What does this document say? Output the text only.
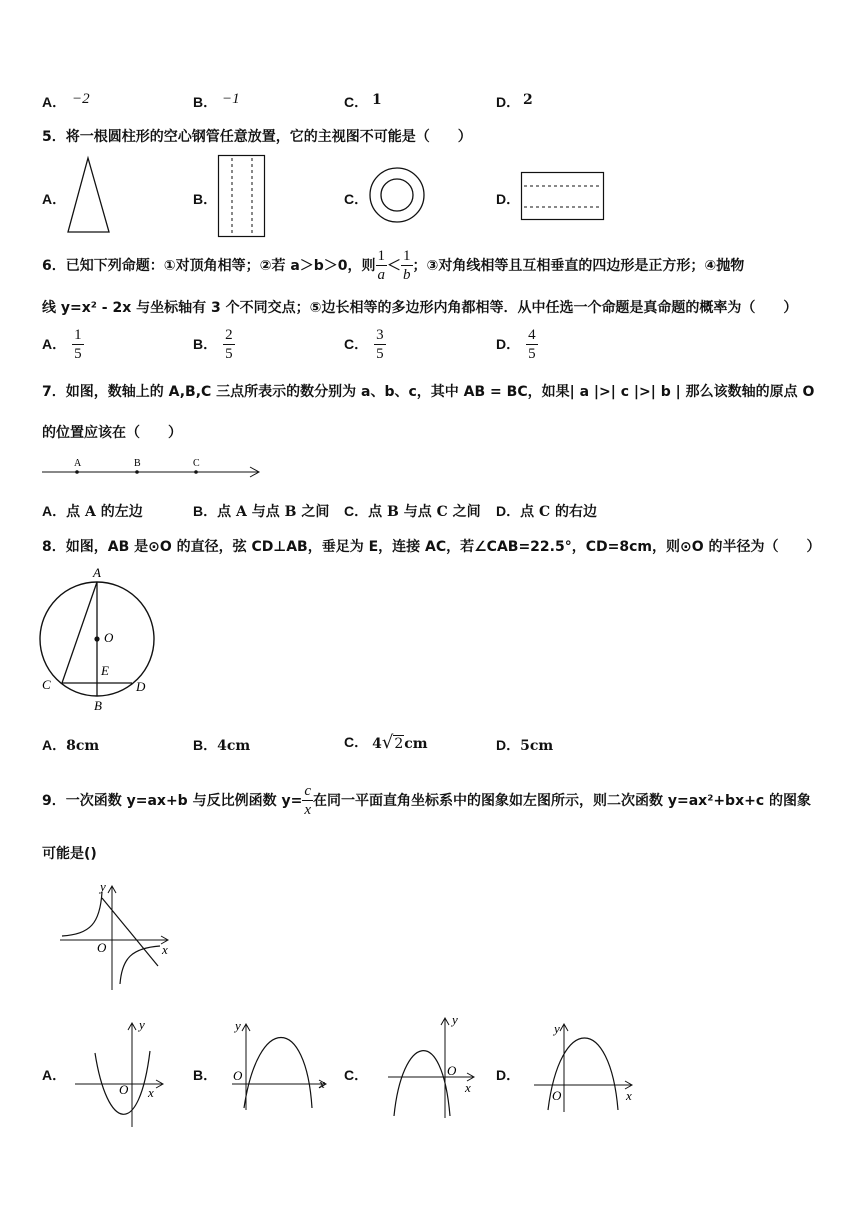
A． −2	B． −1	C． 1	D． 2
5．将一根圆柱形的空心钢管任意放置，它的主视图不可能是（　　）
A．	B．	C．	D．
6．已知下列命题：①对顶角相等；②若 a＞b＞0，则 $\frac{1}{a} < \frac{1}{b}$ ；③对角线相等且互相垂直的四边形是正方形；④抛物
线 y=x² - 2x 与坐标轴有 3 个不同交点；⑤边长相等的多边形内角都相等．从中任选一个命题是真命题的概率为（　　）
A． $\frac{1}{5}$	B． $\frac{2}{5}$	C． $\frac{3}{5}$	D． $\frac{4}{5}$
7．如图，数轴上的 A,B,C 三点所表示的数分别为 a、b、c，其中 AB = BC，如果| a |>| c |>| b | 那么该数轴的原点 O
的位置应该在（　　）
A	B	C
A．点 A 的左边	B．点 A 与点 B 之间 C．点 B 与点 C 之间 D．点 C 的右边
8．如图，AB 是⊙O 的直径，弦 CD⊥AB，垂足为 E，连接 AC，若∠CAB=22.5°，CD=8cm，则⊙O 的半径为（　　）
A
O
E
C	D
B
A．8cm	B．4cm	C． 4 √ 2 cm	D．5cm
9．一次函数 y=ax+b 与反比例函数 $y= \frac{c}{x}$ 在同一平面直角坐标系中的图象如左图所示，则二次函数 y=ax²+bx+c 的图象
可能是()
y
x
O
A．
y
x
O
B．
y
x
O	C．
y
x
O	D．
y
x
O
